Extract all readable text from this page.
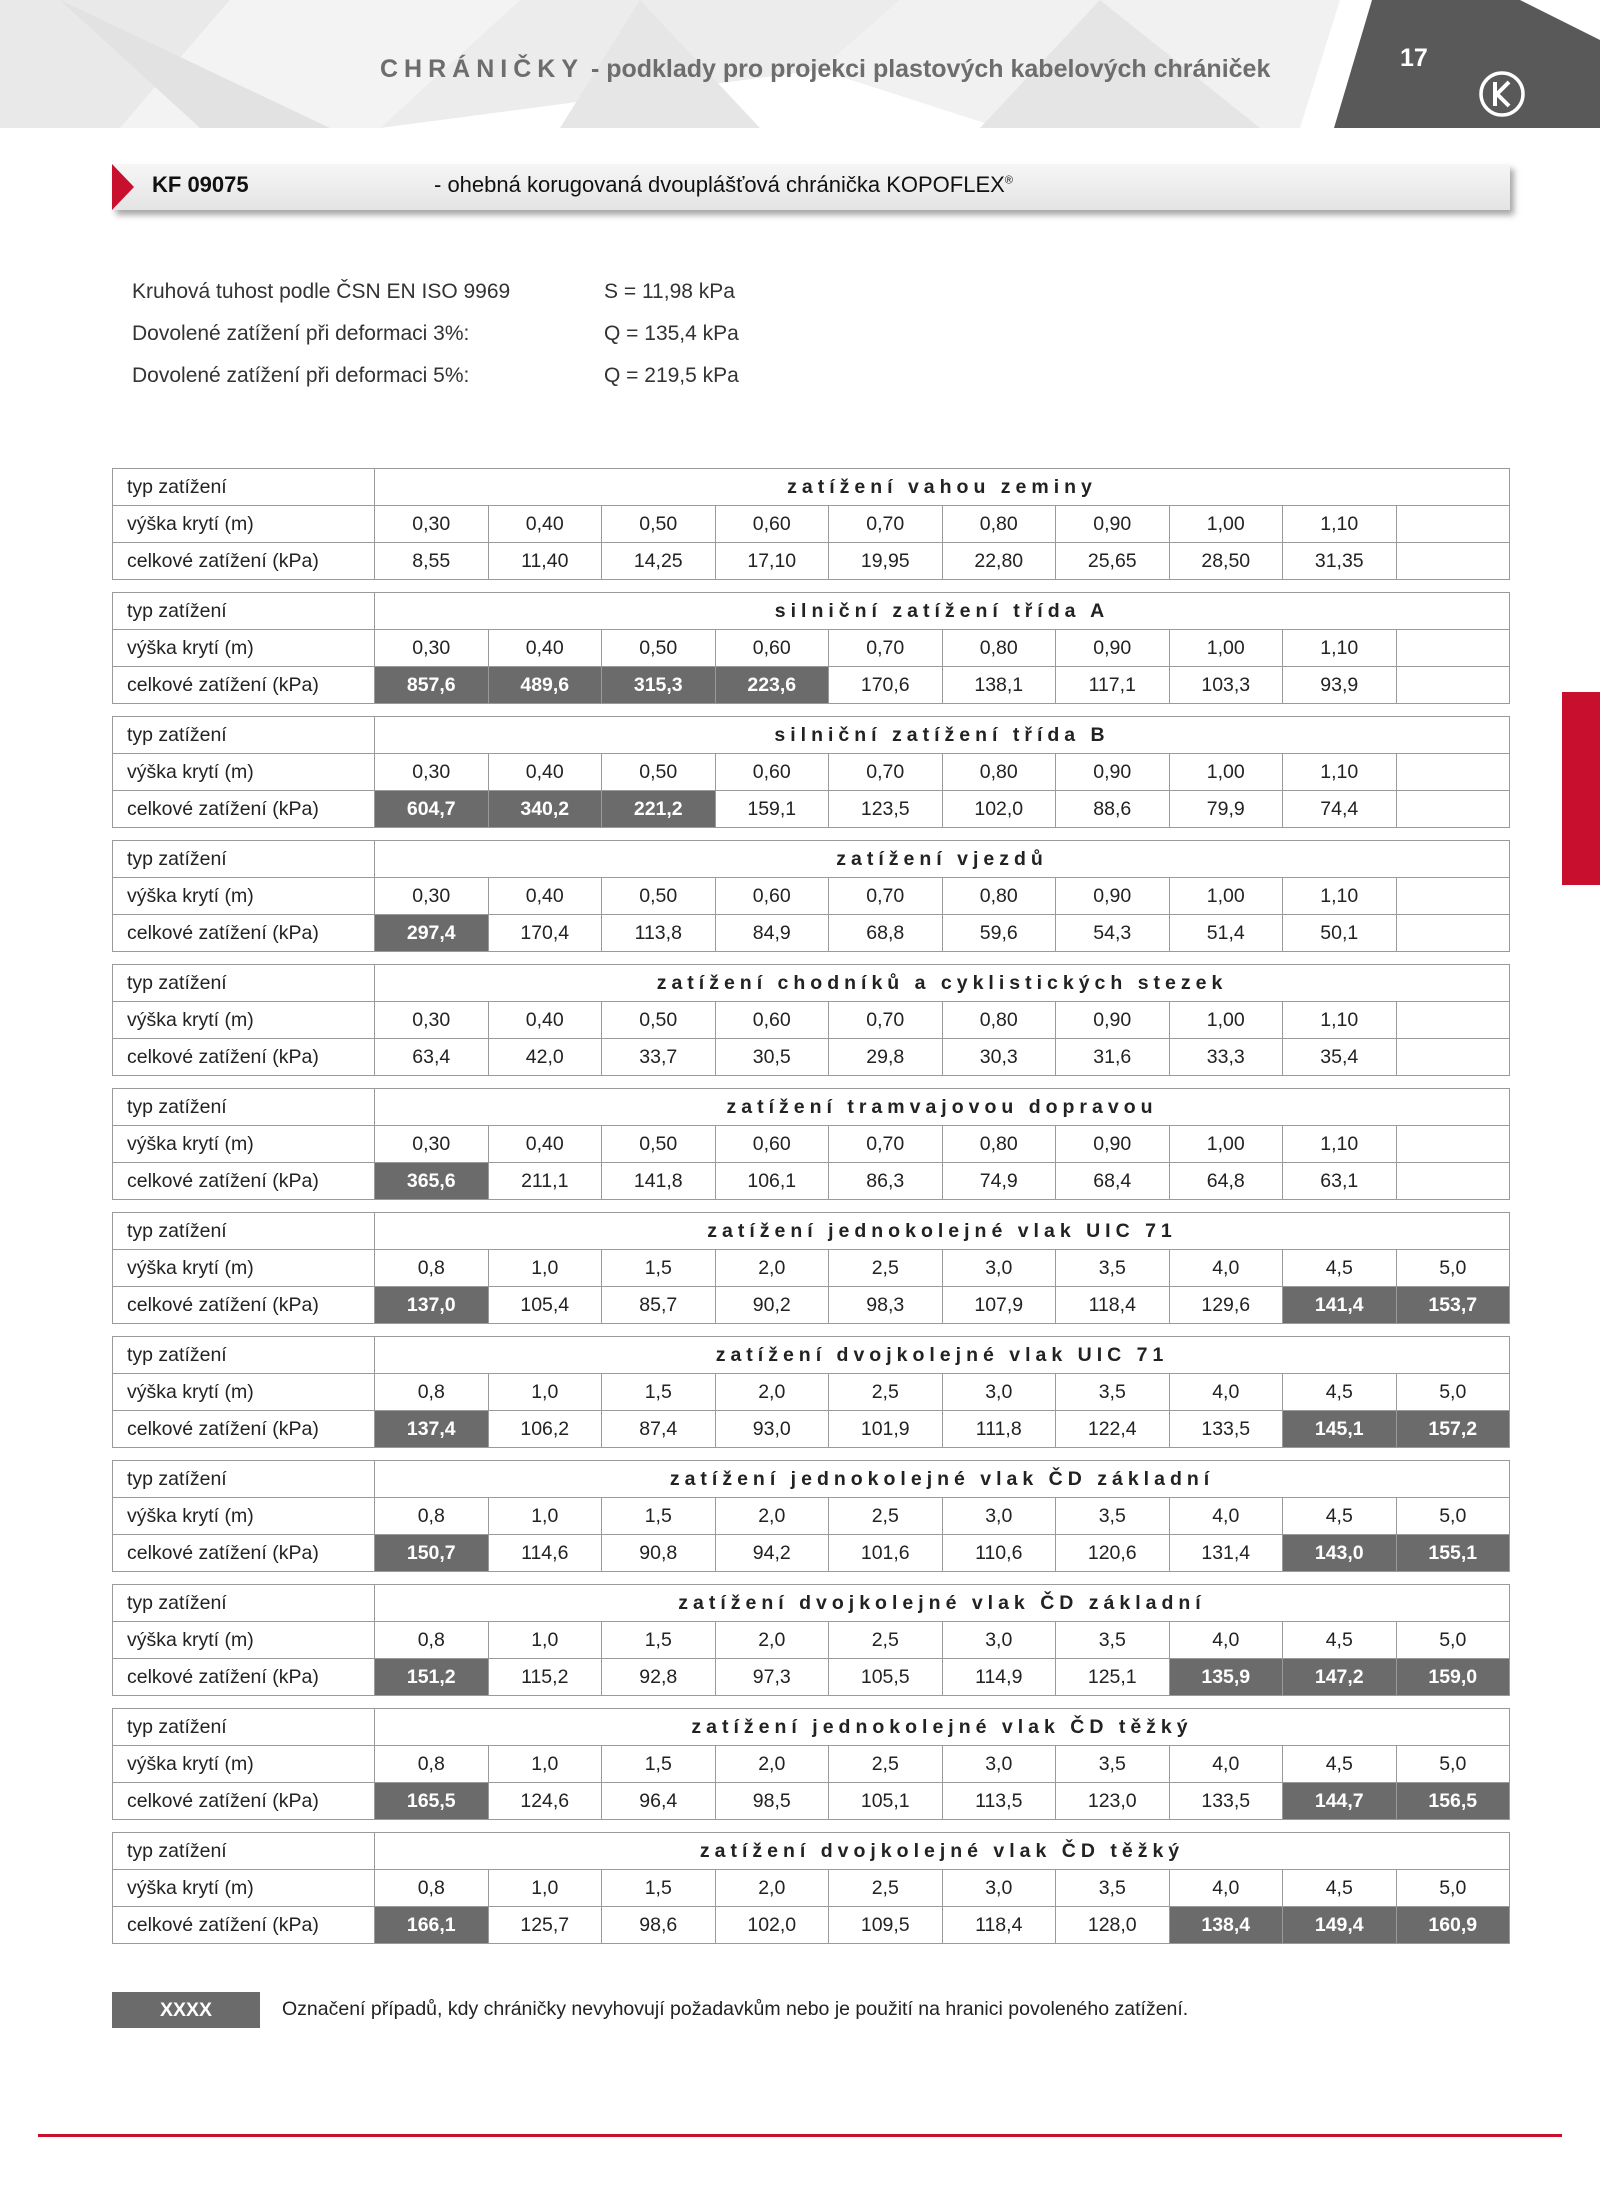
CHRÁNIČKY - podklady pro projekci plastových kabelových chrániček	17
KF 09075	- ohebná korugovaná dvouplášťová chránička KOPOFLEX®
Kruhová tuhost podle ČSN EN ISO 9969	S = 11,98 kPa
Dovolené zatížení při deformaci 3%:	Q = 135,4 kPa
Dovolené zatížení při deformaci 5%:	Q = 219,5 kPa
typ zatížení	zatížení vahou zeminy									
výška krytí (m)	0,30	0,40	0,50	0,60	0,70	0,80	0,90	1,00	1,10	
celkové zatížení (kPa)	8,55	11,40	14,25	17,10	19,95	22,80	25,65	28,50	31,35	

typ zatížení	silniční zatížení třída A									
výška krytí (m)	0,30	0,40	0,50	0,60	0,70	0,80	0,90	1,00	1,10	
celkové zatížení (kPa)	857,6	489,6	315,3	223,6	170,6	138,1	117,1	103,3	93,9	

typ zatížení	silniční zatížení třída B									
výška krytí (m)	0,30	0,40	0,50	0,60	0,70	0,80	0,90	1,00	1,10	
celkové zatížení (kPa)	604,7	340,2	221,2	159,1	123,5	102,0	88,6	79,9	74,4	

typ zatížení	zatížení vjezdů									
výška krytí (m)	0,30	0,40	0,50	0,60	0,70	0,80	0,90	1,00	1,10	
celkové zatížení (kPa)	297,4	170,4	113,8	84,9	68,8	59,6	54,3	51,4	50,1	

typ zatížení	zatížení chodníků a cyklistických stezek									
výška krytí (m)	0,30	0,40	0,50	0,60	0,70	0,80	0,90	1,00	1,10	
celkové zatížení (kPa)	63,4	42,0	33,7	30,5	29,8	30,3	31,6	33,3	35,4	

typ zatížení	zatížení tramvajovou dopravou									
výška krytí (m)	0,30	0,40	0,50	0,60	0,70	0,80	0,90	1,00	1,10	
celkové zatížení (kPa)	365,6	211,1	141,8	106,1	86,3	74,9	68,4	64,8	63,1	

typ zatížení	zatížení jednokolejné vlak UIC 71									
výška krytí (m)	0,8	1,0	1,5	2,0	2,5	3,0	3,5	4,0	4,5	5,0
celkové zatížení (kPa)	137,0	105,4	85,7	90,2	98,3	107,9	118,4	129,6	141,4	153,7

typ zatížení	zatížení dvojkolejné vlak UIC 71									
výška krytí (m)	0,8	1,0	1,5	2,0	2,5	3,0	3,5	4,0	4,5	5,0
celkové zatížení (kPa)	137,4	106,2	87,4	93,0	101,9	111,8	122,4	133,5	145,1	157,2

typ zatížení	zatížení jednokolejné vlak ČD základní									
výška krytí (m)	0,8	1,0	1,5	2,0	2,5	3,0	3,5	4,0	4,5	5,0
celkové zatížení (kPa)	150,7	114,6	90,8	94,2	101,6	110,6	120,6	131,4	143,0	155,1

typ zatížení	zatížení dvojkolejné vlak ČD základní									
výška krytí (m)	0,8	1,0	1,5	2,0	2,5	3,0	3,5	4,0	4,5	5,0
celkové zatížení (kPa)	151,2	115,2	92,8	97,3	105,5	114,9	125,1	135,9	147,2	159,0

typ zatížení	zatížení jednokolejné vlak ČD těžký									
výška krytí (m)	0,8	1,0	1,5	2,0	2,5	3,0	3,5	4,0	4,5	5,0
celkové zatížení (kPa)	165,5	124,6	96,4	98,5	105,1	113,5	123,0	133,5	144,7	156,5

typ zatížení	zatížení dvojkolejné vlak ČD těžký									
výška krytí (m)	0,8	1,0	1,5	2,0	2,5	3,0	3,5	4,0	4,5	5,0
celkové zatížení (kPa)	166,1	125,7	98,6	102,0	109,5	118,4	128,0	138,4	149,4	160,9
XXXX	Označení případů, kdy chráničky nevyhovují požadavkům nebo je použití na hranici povoleného zatížení.
